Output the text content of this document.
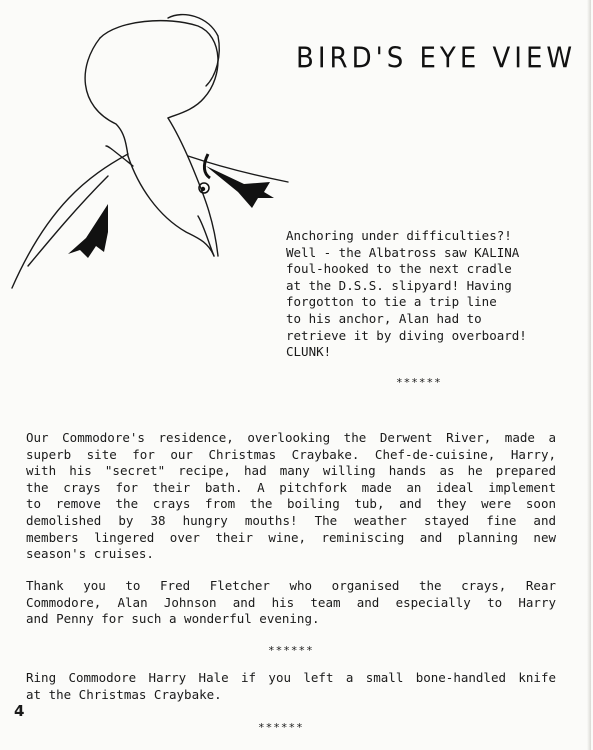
BIRD'S EYE VIEW
Anchoring under difficulties?!
Well - the Albatross saw KALINA
foul-hooked to the next cradle
at the D.S.S. slipyard! Having
forgotton to tie a trip line
to his anchor, Alan had to
retrieve it by diving overboard!
CLUNK!
******
Our Commodore's residence, overlooking the Derwent River, made a
superb site for our Christmas Craybake. Chef-de-cuisine, Harry,
with his "secret" recipe, had many willing hands as he prepared
the crays for their bath. A pitchfork made an ideal implement
to remove the crays from the boiling tub, and they were soon
demolished by 38 hungry mouths! The weather stayed fine and
members lingered over their wine, reminiscing and planning new
season's cruises.
Thank you to Fred Fletcher who organised the crays, Rear
Commodore, Alan Johnson and his team and especially to Harry
and Penny for such a wonderful evening.
******
Ring Commodore Harry Hale if you left a small bone-handled knife
at the Christmas Craybake.
4
******
